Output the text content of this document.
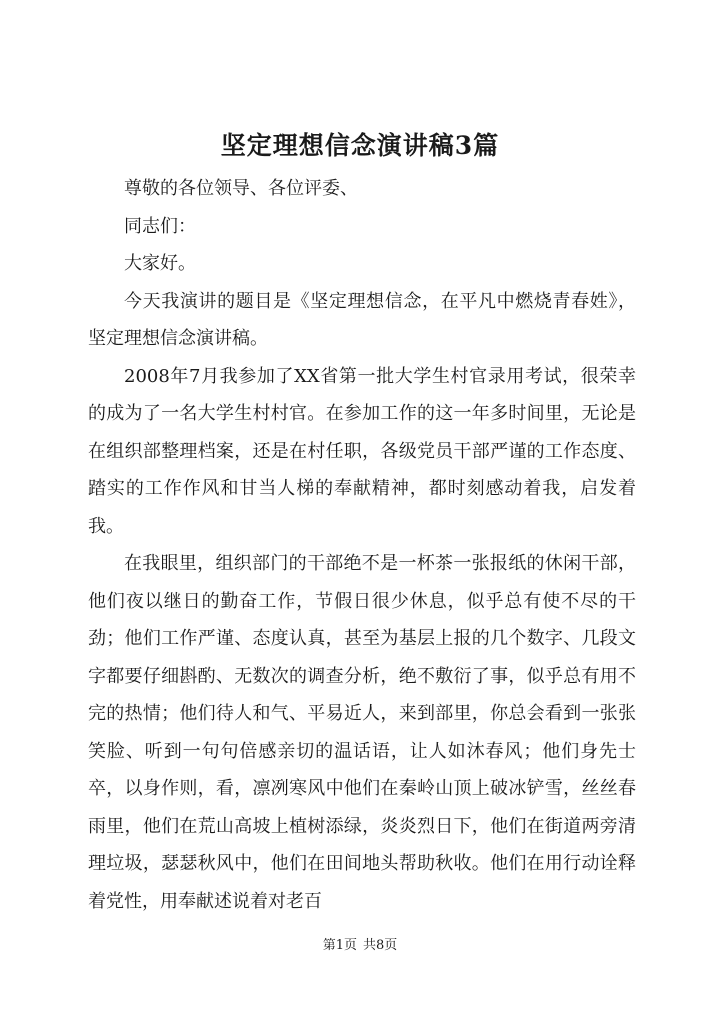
坚定理想信念演讲稿3篇

尊敬的各位领导、各位评委、

同志们：

大家好。

今天我演讲的题目是《坚定理想信念，在平凡中燃烧青春姓》，坚定理想信念演讲稿。

2008年7月我参加了XX省第一批大学生村官录用考试，很荣幸的成为了一名大学生村村官。在参加工作的这一年多时间里，无论是在组织部整理档案，还是在村任职，各级党员干部严谨的工作态度、踏实的工作作风和甘当人梯的奉献精神，都时刻感动着我，启发着我。

在我眼里，组织部门的干部绝不是一杯茶一张报纸的休闲干部，他们夜以继日的勤奋工作，节假日很少休息，似乎总有使不尽的干劲；他们工作严谨、态度认真，甚至为基层上报的几个数字、几段文字都要仔细斟酌、无数次的调查分析，绝不敷衍了事，似乎总有用不完的热情；他们待人和气、平易近人，来到部里，你总会看到一张张笑脸、听到一句句倍感亲切的温话语，让人如沐春风；他们身先士卒，以身作则，看，凛冽寒风中他们在秦岭山顶上破冰铲雪，丝丝春雨里，他们在荒山高坡上植树添绿，炎炎烈日下，他们在街道两旁清理垃圾，瑟瑟秋风中，他们在田间地头帮助秋收。他们在用行动诠释着党性，用奉献述说着对老百

第1页 共8页
